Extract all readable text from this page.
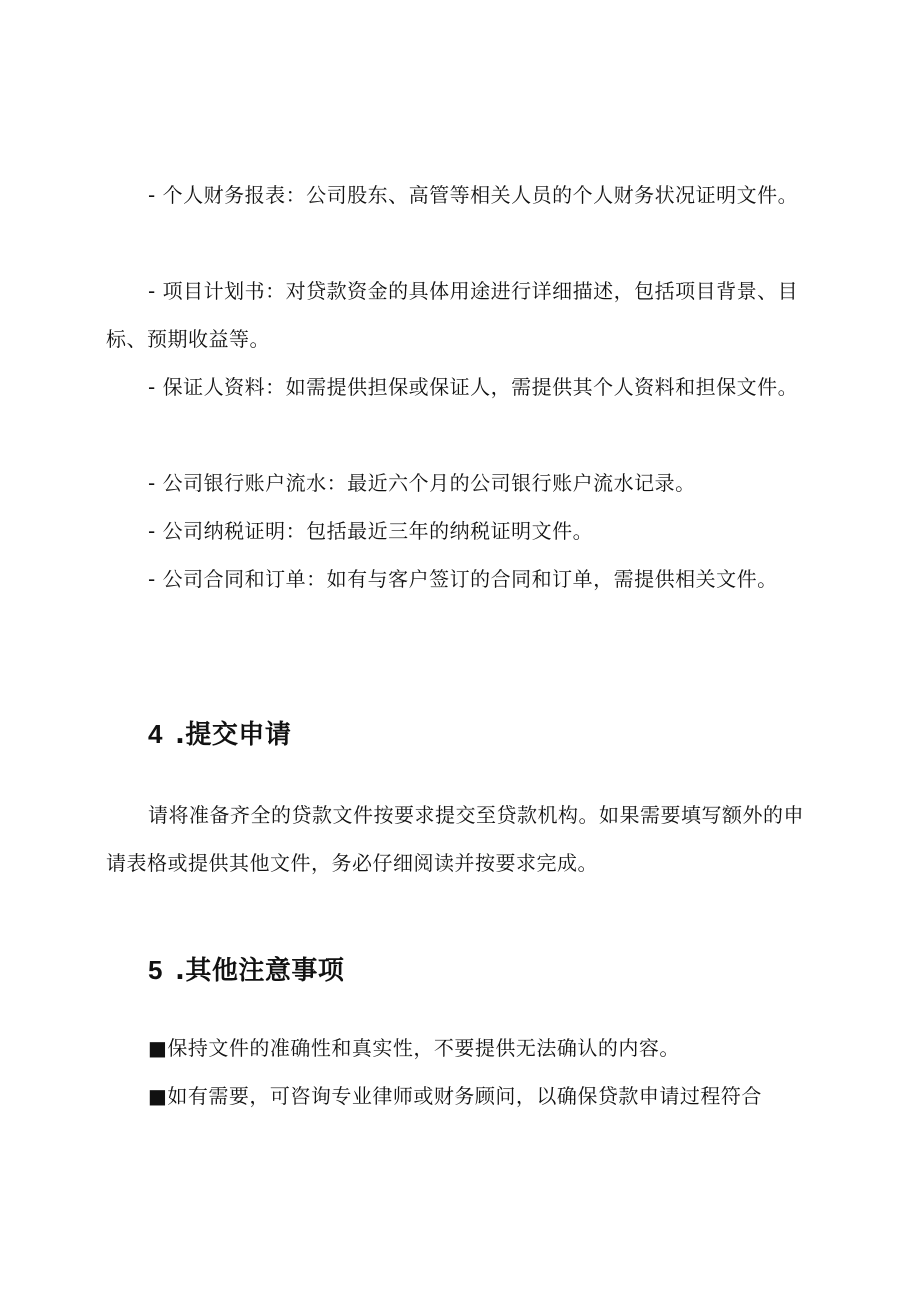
- 个人财务报表：公司股东、高管等相关人员的个人财务状况证明文件。

- 项目计划书：对贷款资金的具体用途进行详细描述，包括项目背景、目标、预期收益等。

- 保证人资料：如需提供担保或保证人，需提供其个人资料和担保文件。

- 公司银行账户流水：最近六个月的公司银行账户流水记录。

- 公司纳税证明：包括最近三年的纳税证明文件。

- 公司合同和订单：如有与客户签订的合同和订单，需提供相关文件。

4 .提交申请

请将准备齐全的贷款文件按要求提交至贷款机构。如果需要填写额外的申请表格或提供其他文件，务必仔细阅读并按要求完成。

5 .其他注意事项

■保持文件的准确性和真实性，不要提供无法确认的内容。

■如有需要，可咨询专业律师或财务顾问，以确保贷款申请过程符合
